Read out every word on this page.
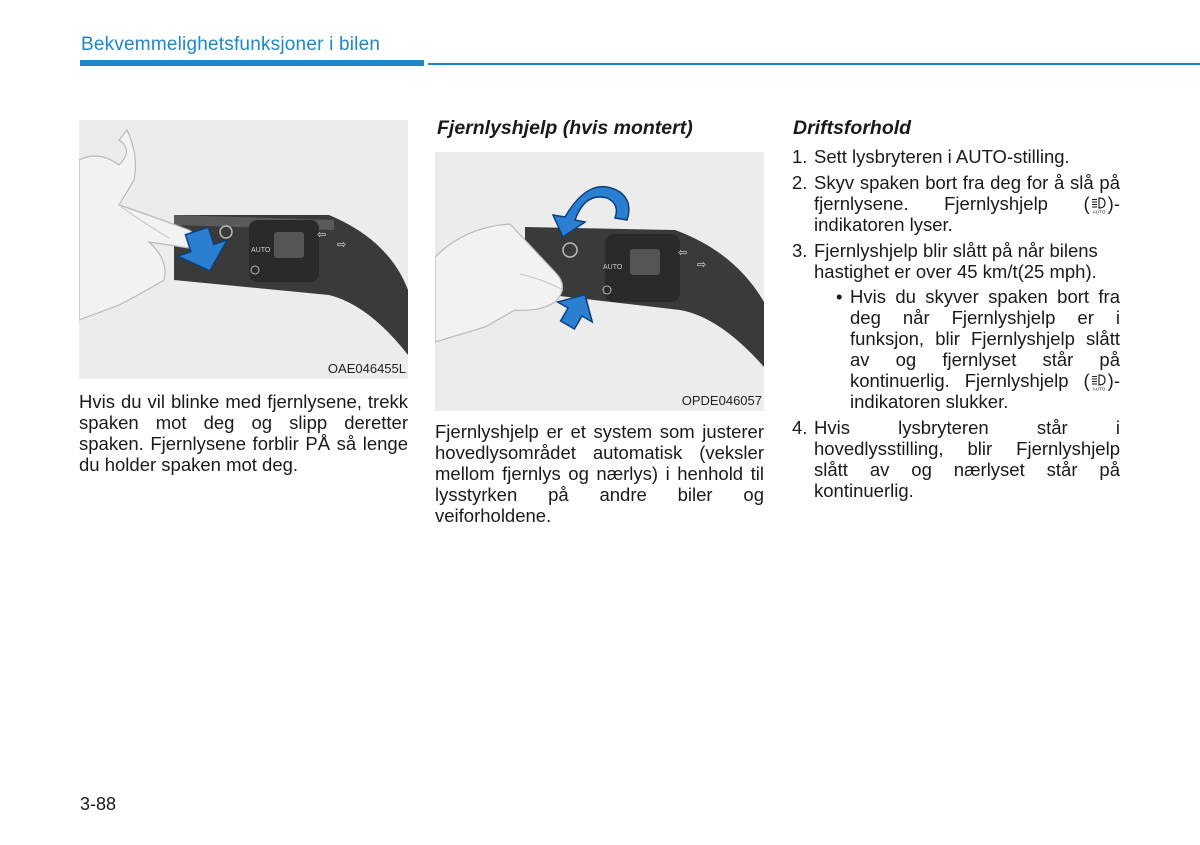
Bekvemmelighetsfunksjoner i bilen
AUTO
⇦
⇨
OAE046455L
Hvis du vil blinke med fjernlysene, trekk spaken mot deg og slipp deretter spaken. Fjernlysene forblir PÅ så lenge du holder spaken mot deg.
Fjernlyshjelp (hvis montert)
AUTO
⇦
⇨
OPDE046057
Fjernlyshjelp er et system som justerer hovedlysområdet automatisk (veksler mellom fjernlys og nærlys) i henhold til lysstyrken på andre biler og veiforholdene.
Driftsforhold
1. Sett lysbryteren i AUTO-stilling.
2. Skyv spaken bort fra deg for å slå på fjernlysene. Fjernlyshjelp ( AUTO )-indikatoren lyser.
3. Fjernlyshjelp blir slått på når bilens hastighet er over 45 km/t(25 mph).
• Hvis du skyver spaken bort fra deg når Fjernlyshjelp er i funksjon, blir Fjernlyshjelp slått av og fjernlyset står på kontinuerlig. Fjernlyshjelp ( AUTO )-indikatoren slukker.
4. Hvis lysbryteren står i hovedlysstilling, blir Fjernlyshjelp slått av og nærlyset står på kontinuerlig.
3-88
